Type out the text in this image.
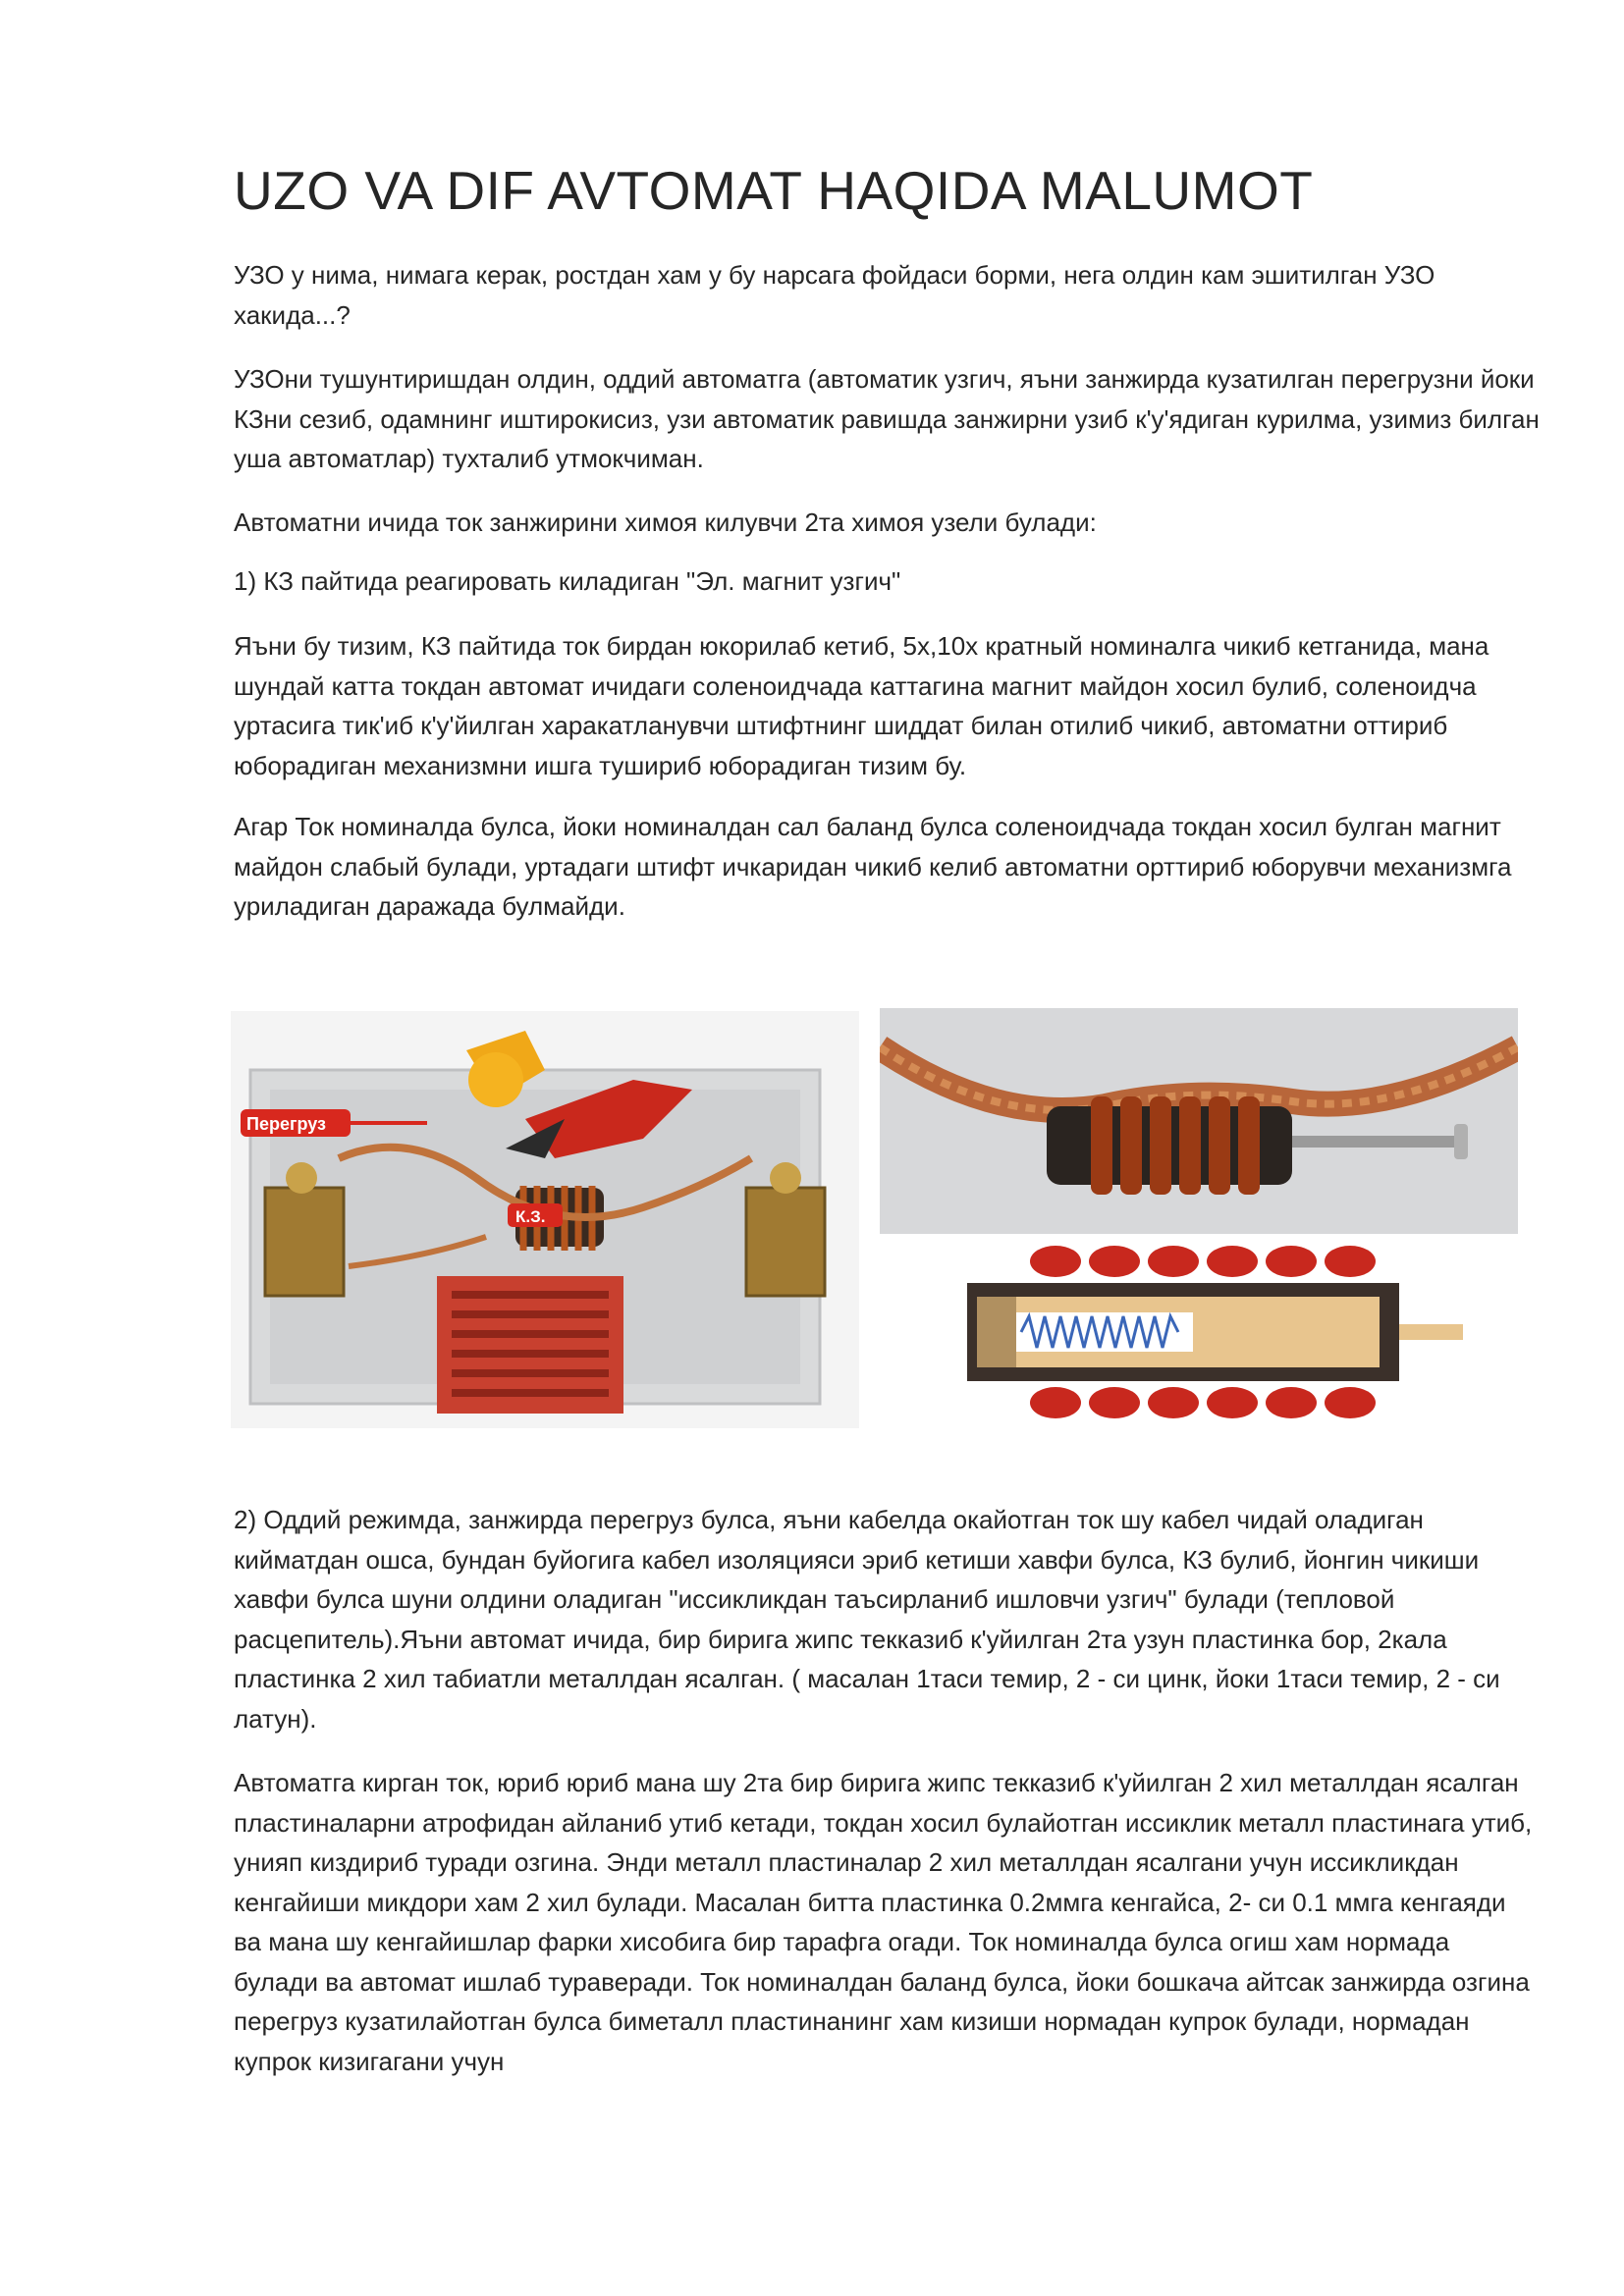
UZO VA DIF AVTOMAT HAQIDA MALUMOT

УЗО у нима, нимага керак, ростдан хам у бу нарсага фойдаси борми, нега олдин кам эшитилган УЗО хакида...?

УЗОни тушунтиришдан олдин, оддий автоматга (автоматик узгич, яъни занжирда кузатилган перегрузни йоки КЗни сезиб, одамнинг иштирокисиз, узи автоматик равишда занжирни узиб к'у'ядиган курилма, узимиз билган уша автоматлар) тухталиб утмокчиман.

Автоматни ичида ток занжирини химоя килувчи 2та химоя узели булади:

1) КЗ пайтида реагировать киладиган "Эл. магнит узгич"

Яъни бу тизим, КЗ пайтида ток бирдан юкорилаб кетиб, 5х,10х кратный номиналга чикиб кетганида, мана шундай катта токдан автомат ичидаги соленоидчада каттагина магнит майдон хосил булиб, соленоидча уртасига тик'иб к'у'йилган харакатланувчи штифтнинг шиддат билан отилиб чикиб, автоматни оттириб юборадиган механизмни ишга тушириб юборадиган тизим бу.

Агар Ток номиналда булса, йоки номиналдан сал баланд булса соленоидчада токдан хосил булган магнит майдон слабый булади, уртадаги штифт ичкаридан чикиб келиб автоматни орттириб юборувчи механизмга уриладиган даражада булмайди.

Перегруз
К.З.

2) Оддий режимда, занжирда перегруз булса, яъни кабелда окайотган ток шу кабел чидай оладиган кийматдан ошса, бундан буйогига кабел изоляцияси эриб кетиши хавфи булса, КЗ булиб, йонгин чикиши хавфи булса шуни олдини оладиган "иссикликдан таъсирланиб ишловчи узгич" булади (тепловой расцепитель).Яъни автомат ичида, бир бирига жипс текказиб к'уйилган 2та узун пластинка бор, 2кала пластинка 2 хил табиатли металлдан ясалган. ( масалан 1таси темир, 2 - си цинк, йоки 1таси темир, 2 - си латун).

Автоматга кирган ток, юриб юриб мана шу 2та бир бирига жипс текказиб к'уйилган 2 хил металлдан ясалган пластиналарни атрофидан айланиб утиб кетади, токдан хосил булайотган иссиклик металл пластинага утиб, унияп киздириб туради озгина. Энди металл пластиналар 2 хил металлдан ясалгани учун иссикликдан кенгайиши микдори хам 2 хил булади. Масалан битта пластинка 0.2ммга кенгайса, 2- си 0.1 ммга кенгаяди ва мана шу кенгайишлар фарки хисобига бир тарафга огади. Ток номиналда булса огиш хам нормада булади ва автомат ишлаб тураверади. Ток номиналдан баланд булса, йоки бошкача айтсак занжирда озгина перегруз кузатилайотган булса биметалл пластинанинг хам кизиши нормадан купрок булади, нормадан купрок кизигагани учун
